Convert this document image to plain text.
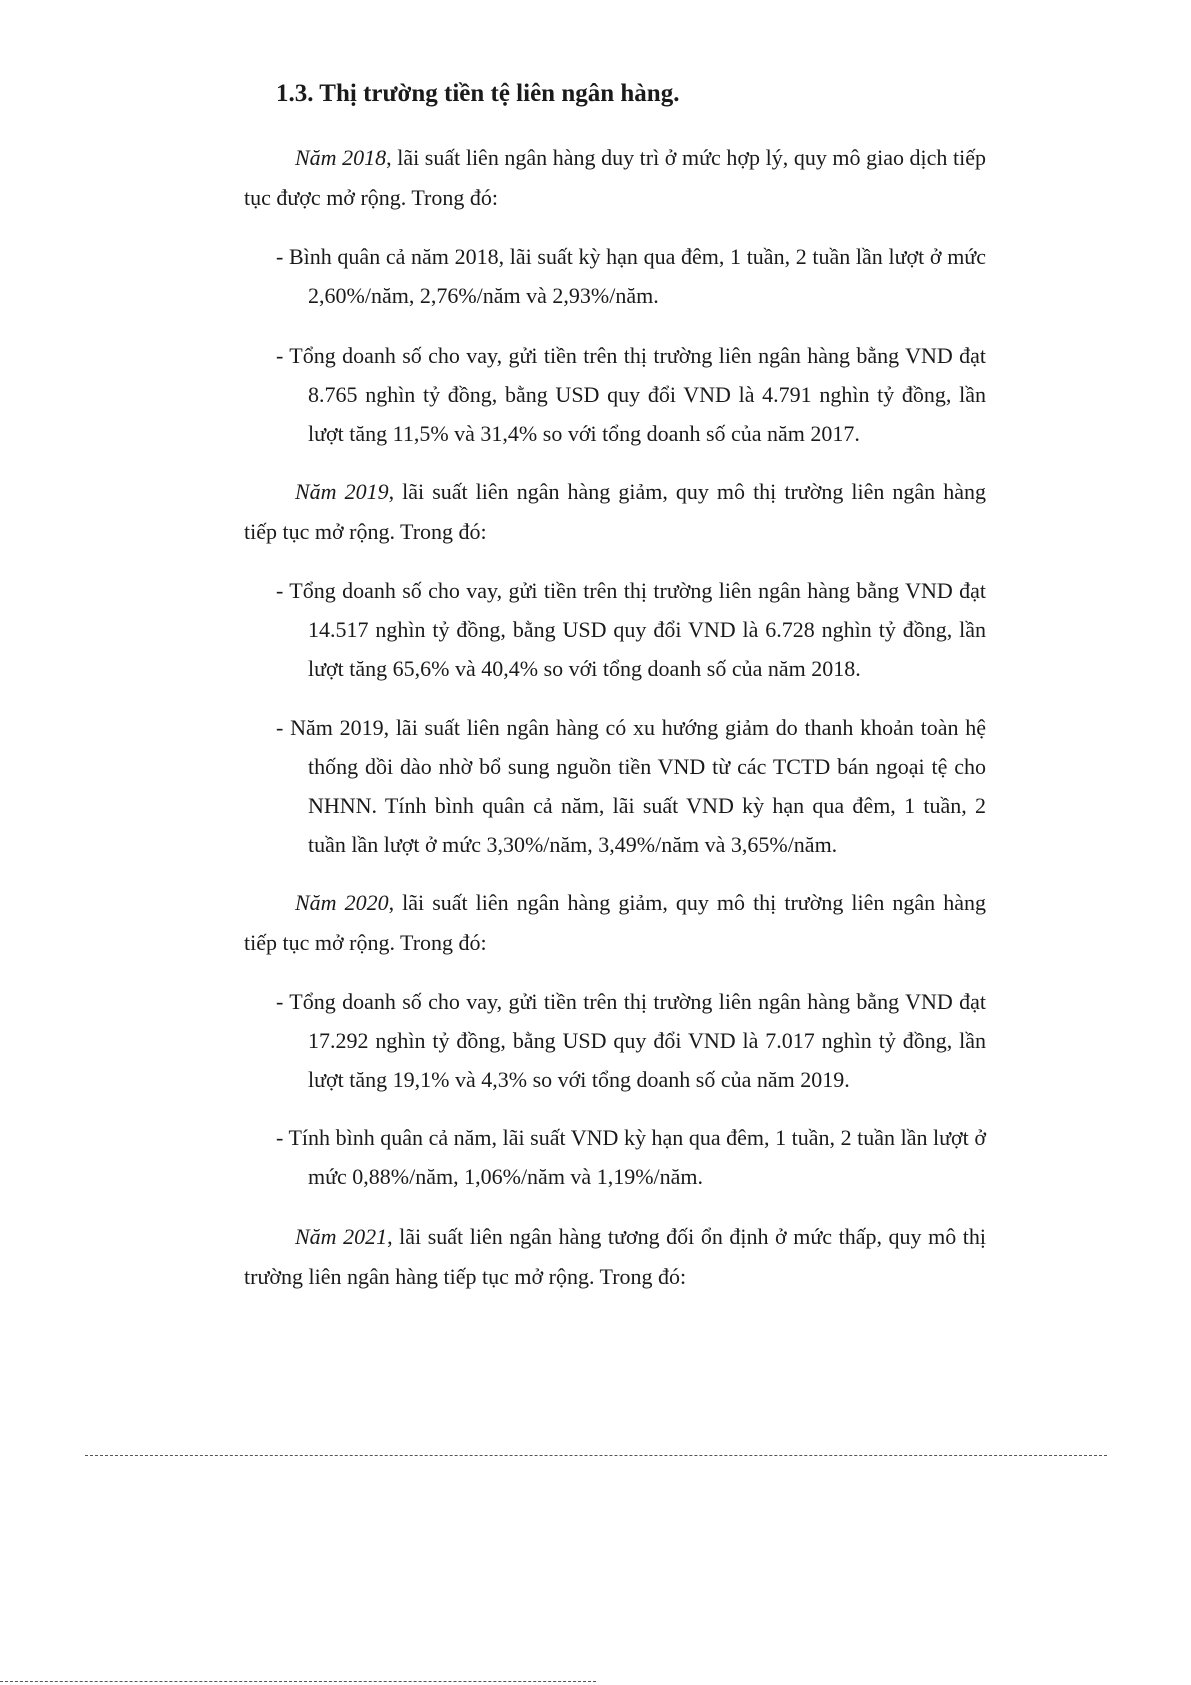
1.3. Thị trường tiền tệ liên ngân hàng.

Năm 2018, lãi suất liên ngân hàng duy trì ở mức hợp lý, quy mô giao dịch tiếp
tục được mở rộng. Trong đó:

- Bình quân cả năm 2018, lãi suất kỳ hạn qua đêm, 1 tuần, 2 tuần lần lượt ở mức 2,60%/năm, 2,76%/năm và 2,93%/năm.

- Tổng doanh số cho vay, gửi tiền trên thị trường liên ngân hàng bằng VND đạt 8.765 nghìn tỷ đồng, bằng USD quy đổi VND là 4.791 nghìn tỷ đồng, lần lượt tăng 11,5% và 31,4% so với tổng doanh số của năm 2017.

Năm 2019, lãi suất liên ngân hàng giảm, quy mô thị trường liên ngân hàng
tiếp tục mở rộng. Trong đó:

- Tổng doanh số cho vay, gửi tiền trên thị trường liên ngân hàng bằng VND đạt 14.517 nghìn tỷ đồng, bằng USD quy đổi VND là 6.728 nghìn tỷ đồng, lần lượt tăng 65,6% và 40,4% so với tổng doanh số của năm 2018.

- Năm 2019, lãi suất liên ngân hàng có xu hướng giảm do thanh khoản toàn hệ thống dồi dào nhờ bổ sung nguồn tiền VND từ các TCTD bán ngoại tệ cho NHNN. Tính bình quân cả năm, lãi suất VND kỳ hạn qua đêm, 1 tuần, 2 tuần lần lượt ở mức 3,30%/năm, 3,49%/năm và 3,65%/năm.

Năm 2020, lãi suất liên ngân hàng giảm, quy mô thị trường liên ngân hàng
tiếp tục mở rộng. Trong đó:

- Tổng doanh số cho vay, gửi tiền trên thị trường liên ngân hàng bằng VND đạt 17.292 nghìn tỷ đồng, bằng USD quy đổi VND là 7.017 nghìn tỷ đồng, lần lượt tăng 19,1% và 4,3% so với tổng doanh số của năm 2019.

- Tính bình quân cả năm, lãi suất VND kỳ hạn qua đêm, 1 tuần, 2 tuần lần lượt ở mức 0,88%/năm, 1,06%/năm và 1,19%/năm.

Năm 2021, lãi suất liên ngân hàng tương đối ổn định ở mức thấp, quy mô thị
trường liên ngân hàng tiếp tục mở rộng. Trong đó:
